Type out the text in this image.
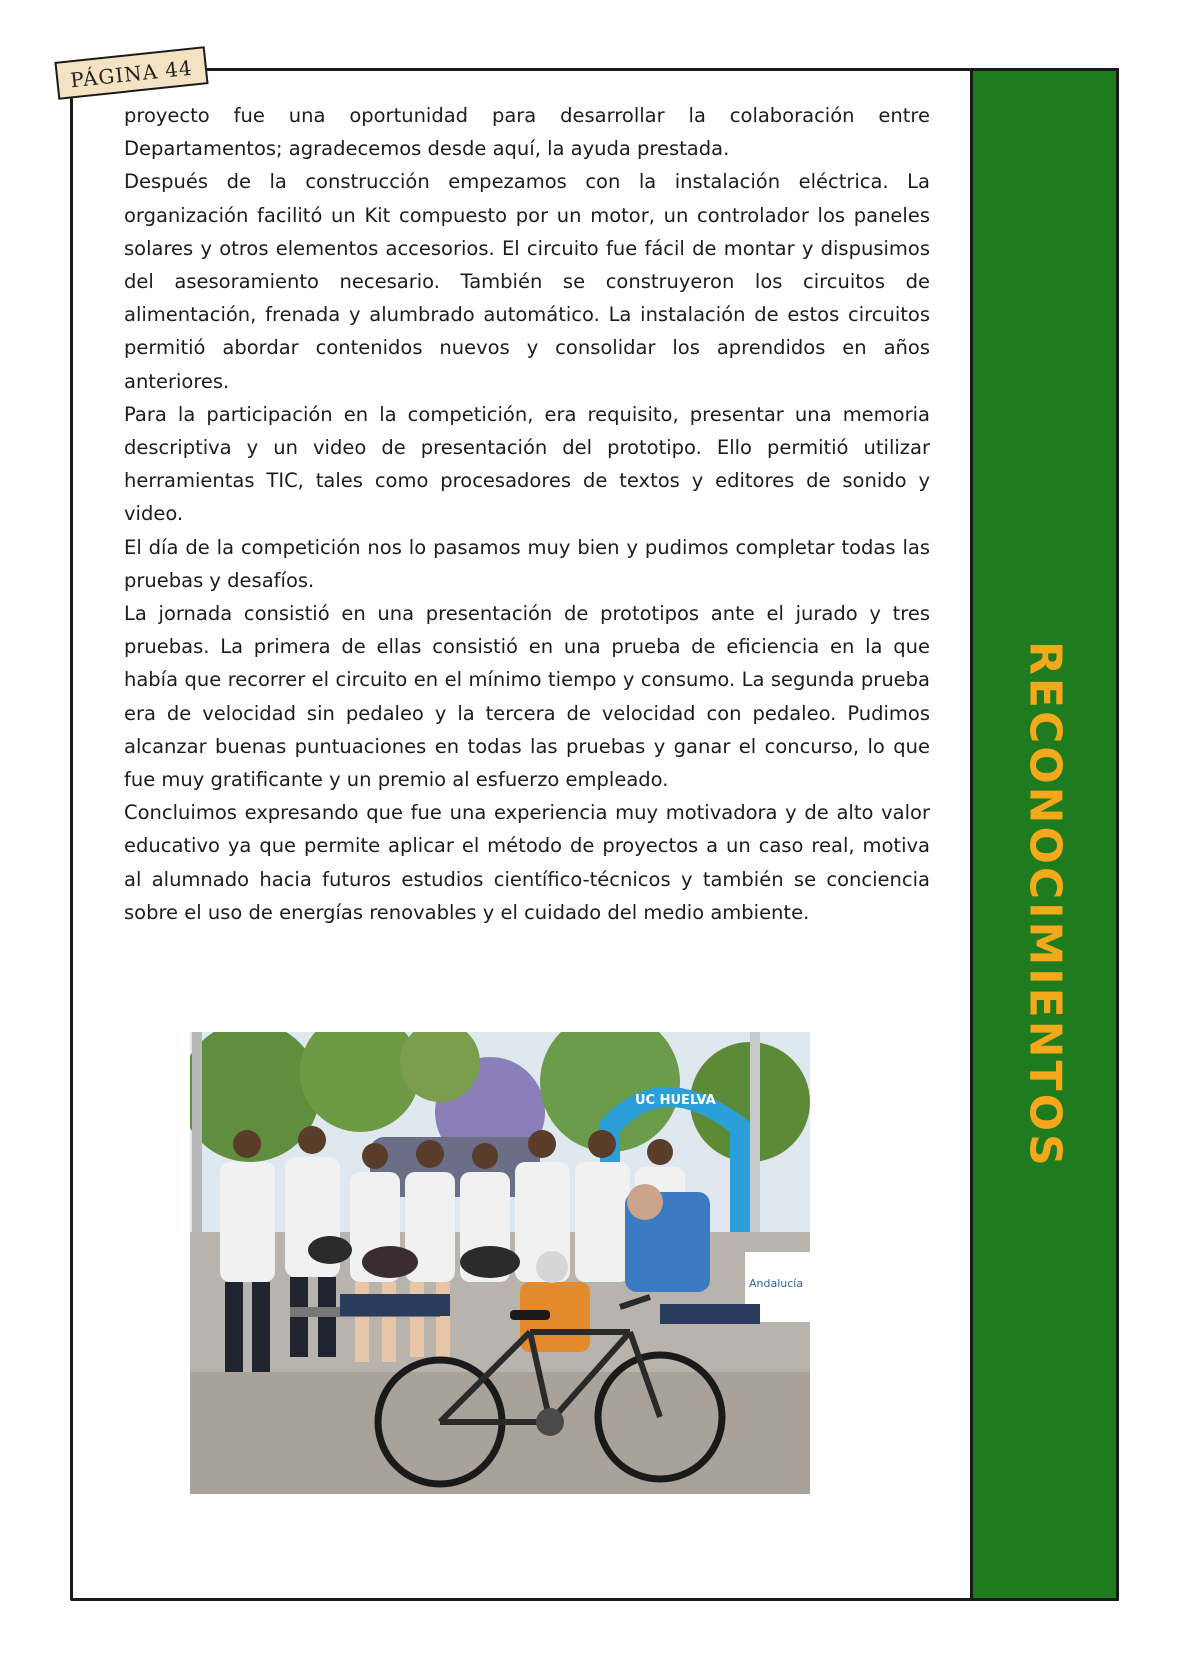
PÁGINA 44
RECONOCIMIENTOS

proyecto fue una oportunidad para desarrollar la colaboración entre Departamentos; agradecemos desde aquí, la ayuda prestada.

Después de la construcción empezamos con la instalación eléctrica. La organización facilitó un Kit compuesto por un motor, un controlador los paneles solares y otros elementos accesorios. El circuito fue fácil de montar y dispusimos del asesoramiento necesario. También se construyeron los circuitos de alimentación, frenada y alumbrado automático. La instalación de estos circuitos permitió abordar contenidos nuevos y consolidar los aprendidos en años anteriores.

Para la participación en la competición, era requisito, presentar una memoria descriptiva y un video de presentación del prototipo. Ello permitió utilizar herramientas TIC, tales como procesadores de textos y editores de sonido y video.

El día de la competición nos lo pasamos muy bien y pudimos completar todas las pruebas y desafíos.

La jornada consistió en una presentación de prototipos ante el jurado y tres pruebas. La primera de ellas consistió en una prueba de eficiencia en la que había que recorrer el circuito en el mínimo tiempo y consumo. La segunda prueba era de velocidad sin pedaleo y la tercera de velocidad con pedaleo. Pudimos alcanzar buenas puntuaciones en todas las pruebas y ganar el concurso, lo que fue muy gratificante y un premio al esfuerzo empleado.

Concluimos expresando que fue una experiencia muy motivadora y de alto valor educativo ya que permite aplicar el método de proyectos a un caso real, motiva al alumnado hacia futuros estudios científico-técnicos y también se conciencia sobre el uso de energías renovables y el cuidado del medio ambiente.

UC HUELVA
Andalucía
